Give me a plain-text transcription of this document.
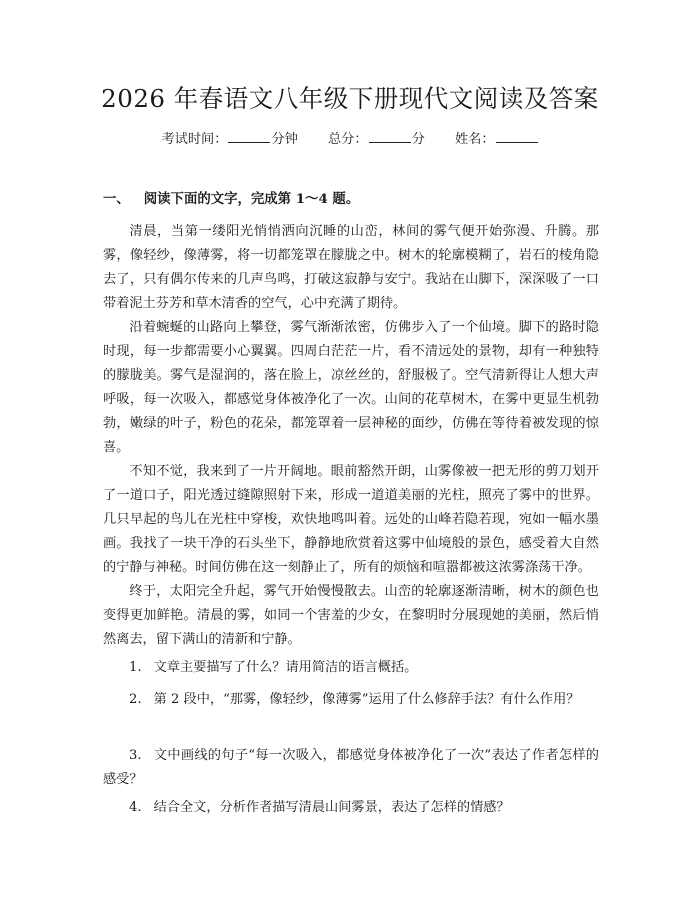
2026 年春语文八年级下册现代文阅读及答案
考试时间：	分钟 总分：	分 姓名：
一、 阅读下面的文字，完成第 1～4 题。

清晨，当第一缕阳光悄悄洒向沉睡的山峦，林间的雾气便开始弥漫、升腾。那雾，像轻纱，像薄雾，将一切都笼罩在朦胧之中。树木的轮廓模糊了，岩石的棱角隐去了，只有偶尔传来的几声鸟鸣，打破这寂静与安宁。我站在山脚下，深深吸了一口带着泥土芬芳和草木清香的空气，心中充满了期待。

沿着蜿蜒的山路向上攀登，雾气渐渐浓密，仿佛步入了一个仙境。脚下的路时隐时现，每一步都需要小心翼翼。四周白茫茫一片，看不清远处的景物，却有一种独特的朦胧美。雾气是湿润的，落在脸上，凉丝丝的，舒服极了。空气清新得让人想大声呼吸，每一次吸入，都感觉身体被净化了一次。山间的花草树木，在雾中更显生机勃勃，嫩绿的叶子，粉色的花朵，都笼罩着一层神秘的面纱，仿佛在等待着被发现的惊喜。

不知不觉，我来到了一片开阔地。眼前豁然开朗，山雾像被一把无形的剪刀划开了一道口子，阳光透过缝隙照射下来，形成一道道美丽的光柱，照亮了雾中的世界。几只早起的鸟儿在光柱中穿梭，欢快地鸣叫着。远处的山峰若隐若现，宛如一幅水墨画。我找了一块干净的石头坐下，静静地欣赏着这雾中仙境般的景色，感受着大自然的宁静与神秘。时间仿佛在这一刻静止了，所有的烦恼和喧嚣都被这浓雾涤荡干净。

终于，太阳完全升起，雾气开始慢慢散去。山峦的轮廓逐渐清晰，树木的颜色也变得更加鲜艳。清晨的雾，如同一个害羞的少女，在黎明时分展现她的美丽，然后悄然离去，留下满山的清新和宁静。

1. 文章主要描写了什么？请用简洁的语言概括。

2. 第 2 段中，“那雾，像轻纱，像薄雾”运用了什么修辞手法？有什么作用？

3. 文中画线的句子“每一次吸入，都感觉身体被净化了一次”表达了作者怎样的感受？

4. 结合全文，分析作者描写清晨山间雾景，表达了怎样的情感？
